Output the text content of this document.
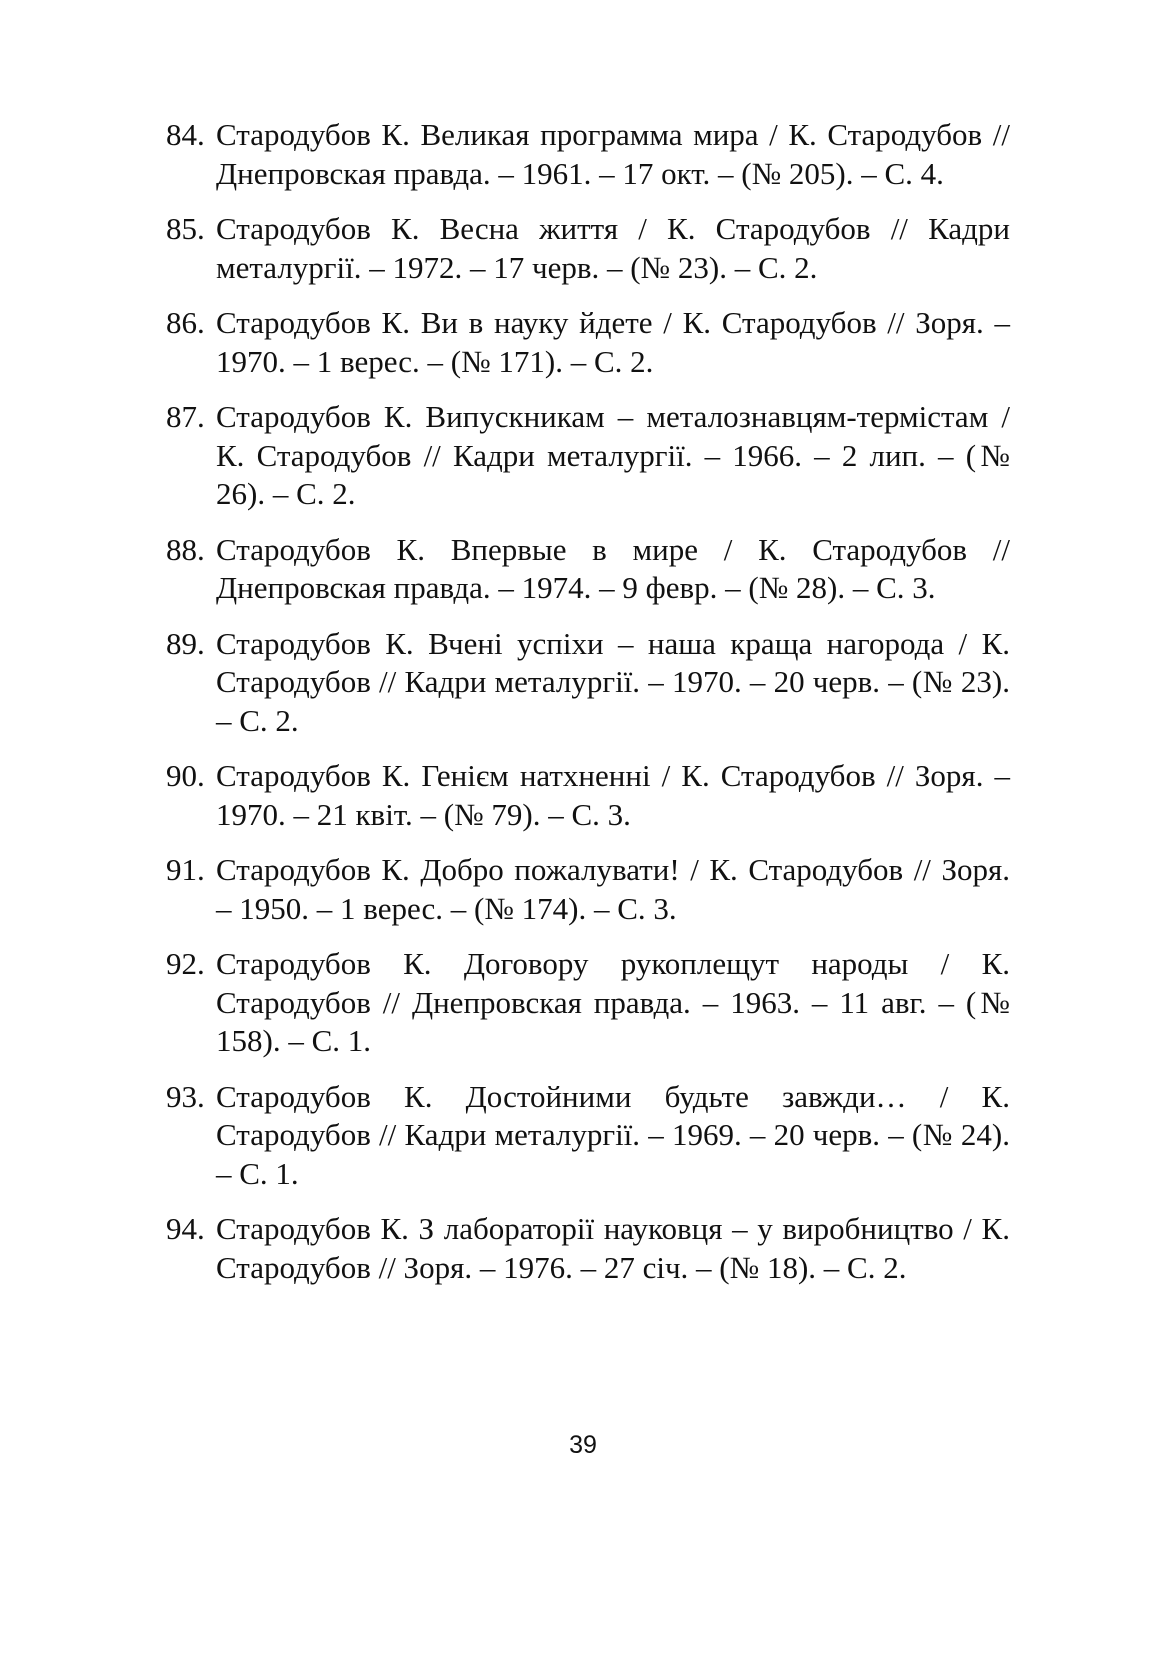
84. Стародубов К. Великая программа мира / К. Стародубов // Днепровская правда. – 1961. – 17 окт. – (№ 205). – С. 4.
85. Стародубов К. Весна життя / К. Стародубов // Кадри металургії. – 1972. – 17 черв. – (№ 23). – С. 2.
86. Стародубов К. Ви в науку йдете / К. Стародубов // Зоря. – 1970. – 1 верес. – (№ 171). – С. 2.
87. Стародубов К. Випускникам – металознавцям-термістам / К. Стародубов // Кадри металургії. – 1966. – 2 лип. – (№ 26). – С. 2.
88. Стародубов К. Впервые в мире / К. Стародубов // Днепровская правда. – 1974. – 9 февр. – (№ 28). – С. 3.
89. Стародубов К. Вчені успіхи – наша краща нагорода / К. Стародубов // Кадри металургії. – 1970. – 20 черв. – (№ 23). – С. 2.
90. Стародубов К. Генієм натхненні / К. Стародубов // Зоря. – 1970. – 21 квіт. – (№ 79). – С. 3.
91. Стародубов К. Добро пожалувати! / К. Стародубов // Зоря. – 1950. – 1 верес. – (№ 174). – С. 3.
92. Стародубов К. Договору рукоплещут народы / К. Стародубов // Днепровская правда. – 1963. – 11 авг. – (№ 158). – С. 1.
93. Стародубов К. Достойними будьте завжди… / К. Стародубов // Кадри металургії. – 1969. – 20 черв. – (№ 24). – С. 1.
94. Стародубов К. З лабораторії науковця – у виробництво / К. Стародубов // Зоря. – 1976. – 27 січ. – (№ 18). – С. 2.
39
